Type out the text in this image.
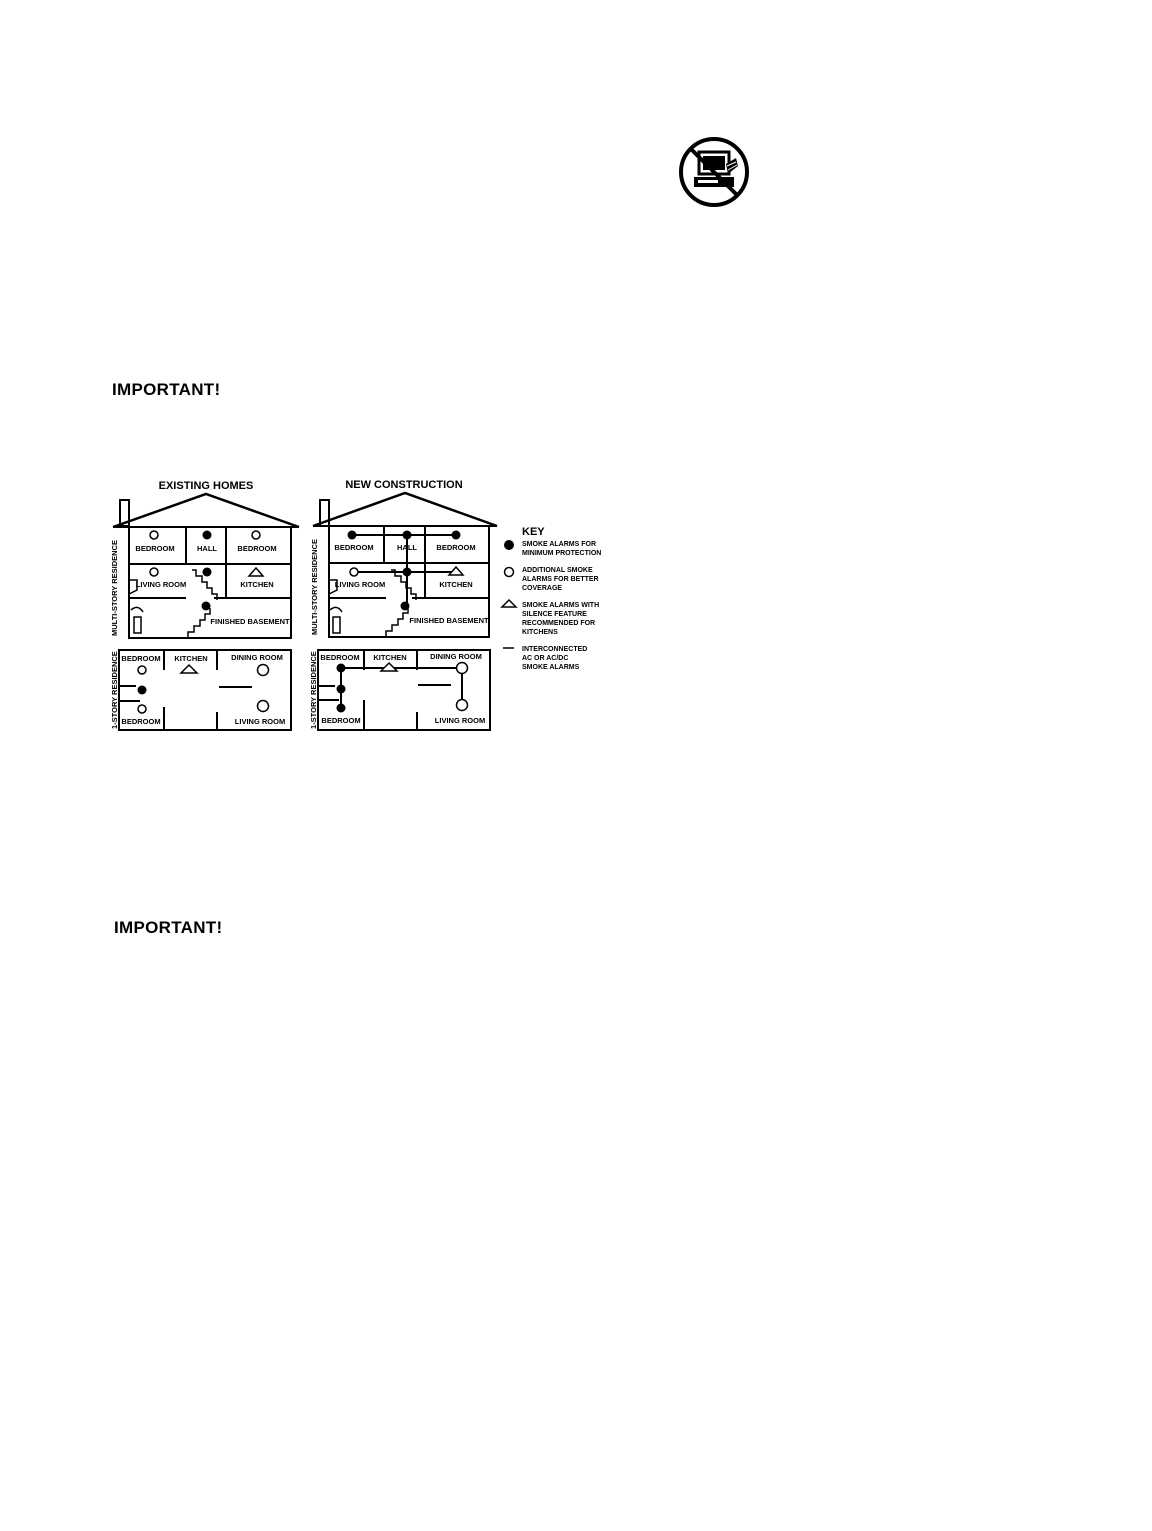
IMPORTANT!
IMPORTANT!
EXISTING HOMES
BEDROOM	HALL	BEDROOM
LIVING ROOM	KITCHEN
FINISHED BASEMENT
MULTI-STORY RESIDENCE
BEDROOM KITCHEN	DINING ROOM
BEDROOM	LIVING ROOM
1-STORY RESIDENCE
NEW CONSTRUCTION
BEDROOM	HALL	BEDROOM
LIVING ROOM	KITCHEN
FINISHED BASEMENT
MULTI-STORY RESIDENCE
BEDROOM KITCHEN	DINING ROOM
BEDROOM	LIVING ROOM
1-STORY RESIDENCE
KEY
SMOKE ALARMS FOR
MINIMUM PROTECTION
ADDITIONAL SMOKE
ALARMS FOR BETTER
COVERAGE
SMOKE ALARMS WITH
SILENCE FEATURE
RECOMMENDED FOR
KITCHENS
INTERCONNECTED
AC OR AC/DC
SMOKE ALARMS
